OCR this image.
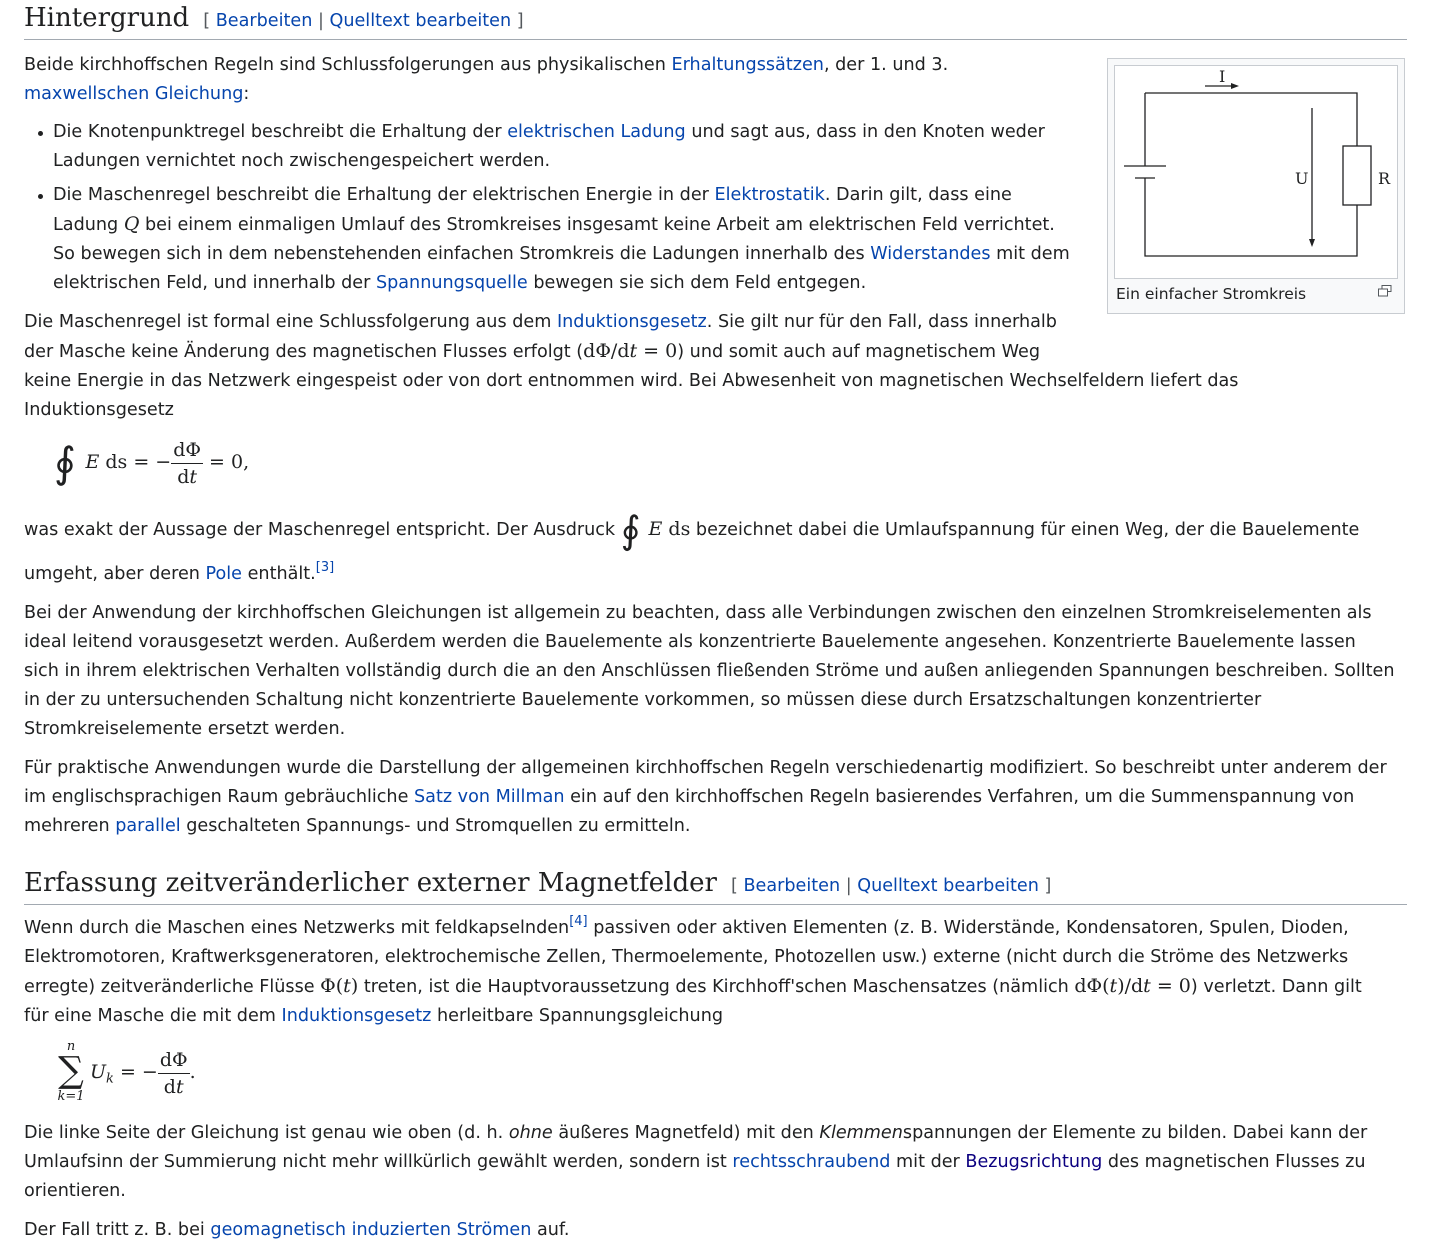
Hintergrund [ Bearbeiten | Quelltext bearbeiten ]
I
U	R
Ein einfacher Stromkreis

Beide kirchhoffschen Regeln sind Schlussfolgerungen aus physikalischen Erhaltungssätzen, der 1. und 3.
maxwellschen Gleichung:

Die Knotenpunktregel beschreibt die Erhaltung der elektrischen Ladung und sagt aus, dass in den Knoten weder
Ladungen vernichtet noch zwischengespeichert werden.
Die Maschenregel beschreibt die Erhaltung der elektrischen Energie in der Elektrostatik. Darin gilt, dass eine
Ladung Q bei einem einmaligen Umlauf des Stromkreises insgesamt keine Arbeit am elektrischen Feld verrichtet.
So bewegen sich in dem nebenstehenden einfachen Stromkreis die Ladungen innerhalb des Widerstandes mit dem
elektrischen Feld, und innerhalb der Spannungsquelle bewegen sie sich dem Feld entgegen.

Die Maschenregel ist formal eine Schlussfolgerung aus dem Induktionsgesetz. Sie gilt nur für den Fall, dass innerhalb
der Masche keine Änderung des magnetischen Flusses erfolgt (dΦ/dt = 0) und somit auch auf magnetischem Weg
keine Energie in das Netzwerk eingespeist oder von dort entnommen wird. Bei Abwesenheit von magnetischen Wechselfeldern liefert das
Induktionsgesetz

∮ E ds = − $\frac{d\Phi}{dt} = 0$,
was exakt der Aussage der Maschenregel entspricht. Der Ausdruck ∮ E ds bezeichnet dabei die Umlaufspannung für einen Weg, der die Bauelemente

umgeht, aber deren Pole enthält.[3]

Bei der Anwendung der kirchhoffschen Gleichungen ist allgemein zu beachten, dass alle Verbindungen zwischen den einzelnen Stromkreiselementen als
ideal leitend vorausgesetzt werden. Außerdem werden die Bauelemente als konzentrierte Bauelemente angesehen. Konzentrierte Bauelemente lassen
sich in ihrem elektrischen Verhalten vollständig durch die an den Anschlüssen fließenden Ströme und außen anliegenden Spannungen beschreiben. Sollten
in der zu untersuchenden Schaltung nicht konzentrierte Bauelemente vorkommen, so müssen diese durch Ersatzschaltungen konzentrierter
Stromkreiselemente ersetzt werden.

Für praktische Anwendungen wurde die Darstellung der allgemeinen kirchhoffschen Regeln verschiedenartig modifiziert. So beschreibt unter anderem der
im englischsprachigen Raum gebräuchliche Satz von Millman ein auf den kirchhoffschen Regeln basierendes Verfahren, um die Summenspannung von
mehreren parallel geschalteten Spannungs- und Stromquellen zu ermitteln.

Erfassung zeitveränderlicher externer Magnetfelder [ Bearbeiten | Quelltext bearbeiten ]

Wenn durch die Maschen eines Netzwerks mit feldkapselnden[4] passiven oder aktiven Elementen (z. B. Widerstände, Kondensatoren, Spulen, Dioden,
Elektromotoren, Kraftwerksgeneratoren, elektrochemische Zellen, Thermoelemente, Photozellen usw.) externe (nicht durch die Ströme des Netzwerks
erregte) zeitveränderliche Flüsse Φ(t) treten, ist die Hauptvoraussetzung des Kirchhoff'schen Maschensatzes (nämlich dΦ(t)/dt = 0) verletzt. Dann gilt
für eine Masche die mit dem Induktionsgesetz herleitbare Spannungsgleichung

n
∑
k=1
$U_k$ = − $\frac{d\Phi}{dt}$ .

Die linke Seite der Gleichung ist genau wie oben (d. h. ohne äußeres Magnetfeld) mit den Klemmenspannungen der Elemente zu bilden. Dabei kann der
Umlaufsinn der Summierung nicht mehr willkürlich gewählt werden, sondern ist rechtsschraubend mit der Bezugsrichtung des magnetischen Flusses zu
orientieren.

Der Fall tritt z. B. bei geomagnetisch induzierten Strömen auf.
